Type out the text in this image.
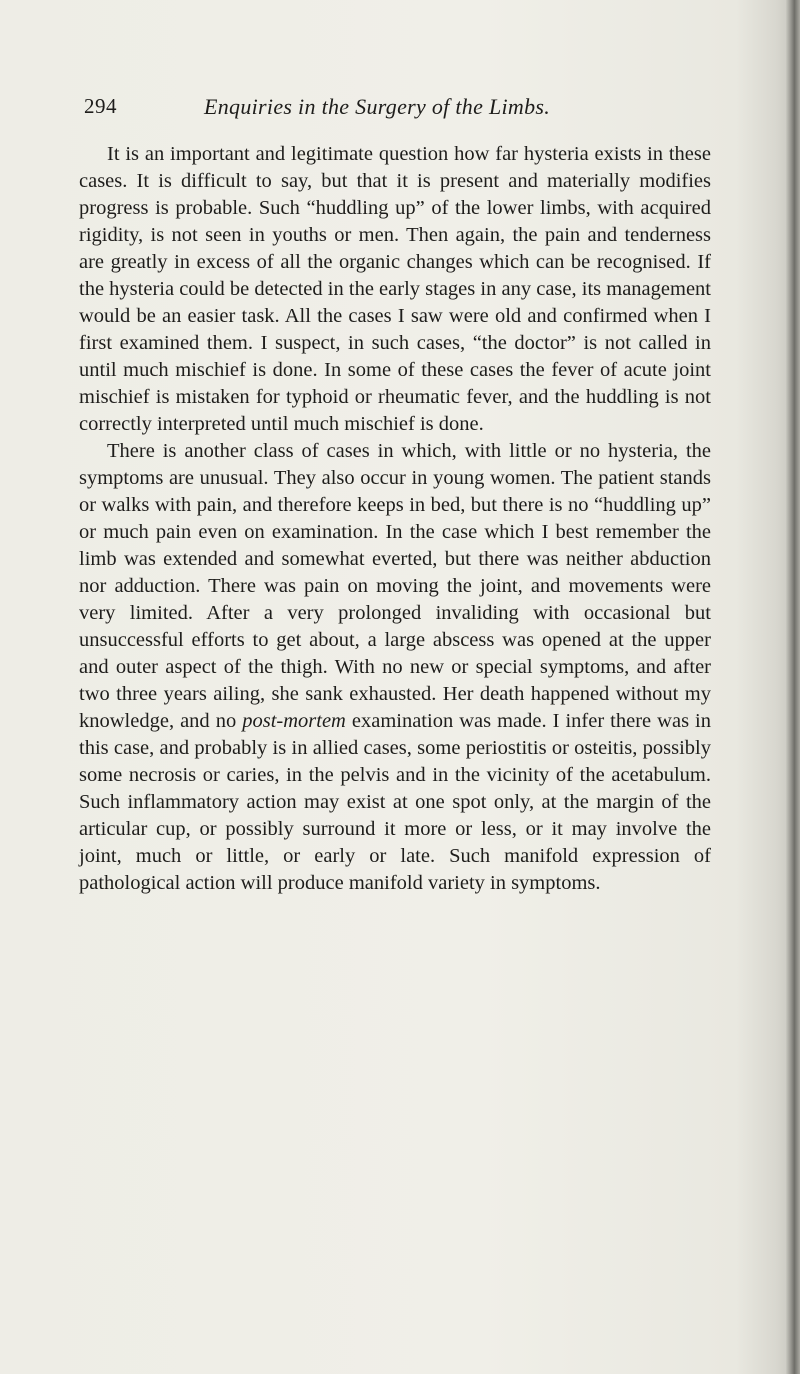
294	Enquiries in the Surgery of the Limbs.

It is an important and legitimate question how far hysteria exists in these cases. It is difficult to say, but that it is present and materially modifies progress is probable. Such “huddling up” of the lower limbs, with acquired rigidity, is not seen in youths or men. Then again, the pain and tenderness are greatly in excess of all the organic changes which can be recognised. If the hysteria could be detected in the early stages in any case, its management would be an easier task. All the cases I saw were old and confirmed when I first examined them. I suspect, in such cases, “the doctor” is not called in until much mischief is done. In some of these cases the fever of acute joint mischief is mistaken for typhoid or rheumatic fever, and the huddling is not correctly interpreted until much mischief is done.

There is another class of cases in which, with little or no hysteria, the symptoms are unusual. They also occur in young women. The patient stands or walks with pain, and therefore keeps in bed, but there is no “huddling up” or much pain even on examination. In the case which I best remember the limb was extended and somewhat everted, but there was neither abduction nor adduction. There was pain on moving the joint, and movements were very limited. After a very prolonged invaliding with occasional but unsuccessful efforts to get about, a large abscess was opened at the upper and outer aspect of the thigh. With no new or special symptoms, and after two three years ailing, she sank exhausted. Her death happened without my knowledge, and no post-mortem examination was made. I infer there was in this case, and probably is in allied cases, some periostitis or osteitis, possibly some necrosis or caries, in the pelvis and in the vicinity of the acetabulum. Such inflammatory action may exist at one spot only, at the margin of the articular cup, or possibly surround it more or less, or it may involve the joint, much or little, or early or late. Such manifold expression of pathological action will produce manifold variety in symptoms.
